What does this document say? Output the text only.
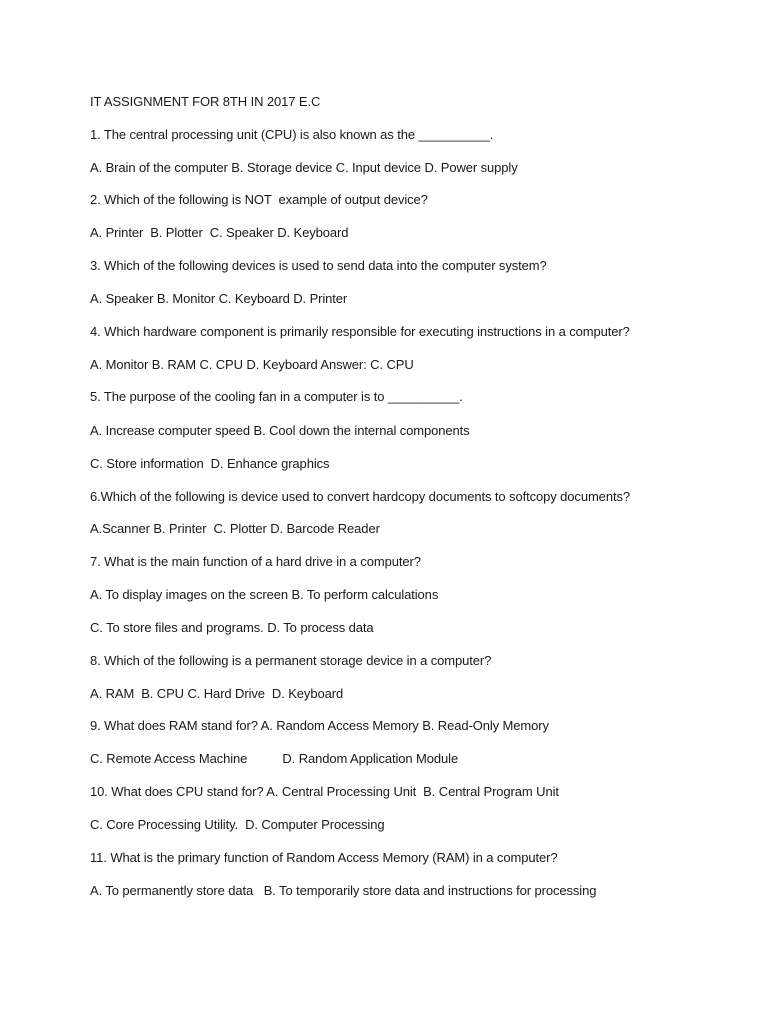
IT ASSIGNMENT FOR 8TH IN 2017 E.C
1. The central processing unit (CPU) is also known as the __________.
A. Brain of the computer B. Storage device C. Input device D. Power supply
2. Which of the following is NOT  example of output device?
A. Printer  B. Plotter  C. Speaker D. Keyboard
3. Which of the following devices is used to send data into the computer system?
A. Speaker B. Monitor C. Keyboard D. Printer
4. Which hardware component is primarily responsible for executing instructions in a computer?
A. Monitor B. RAM C. CPU D. Keyboard Answer: C. CPU
5. The purpose of the cooling fan in a computer is to __________.
A. Increase computer speed B. Cool down the internal components
C. Store information  D. Enhance graphics
6.Which of the following is device used to convert hardcopy documents to softcopy documents?
A.Scanner B. Printer  C. Plotter D. Barcode Reader
7. What is the main function of a hard drive in a computer?
A. To display images on the screen B. To perform calculations
C. To store files and programs. D. To process data
8. Which of the following is a permanent storage device in a computer?
A. RAM  B. CPU C. Hard Drive  D. Keyboard
9. What does RAM stand for? A. Random Access Memory B. Read-Only Memory
C. Remote Access Machine          D. Random Application Module
10. What does CPU stand for? A. Central Processing Unit  B. Central Program Unit
C. Core Processing Utility.  D. Computer Processing
11. What is the primary function of Random Access Memory (RAM) in a computer?
A. To permanently store data   B. To temporarily store data and instructions for processing
